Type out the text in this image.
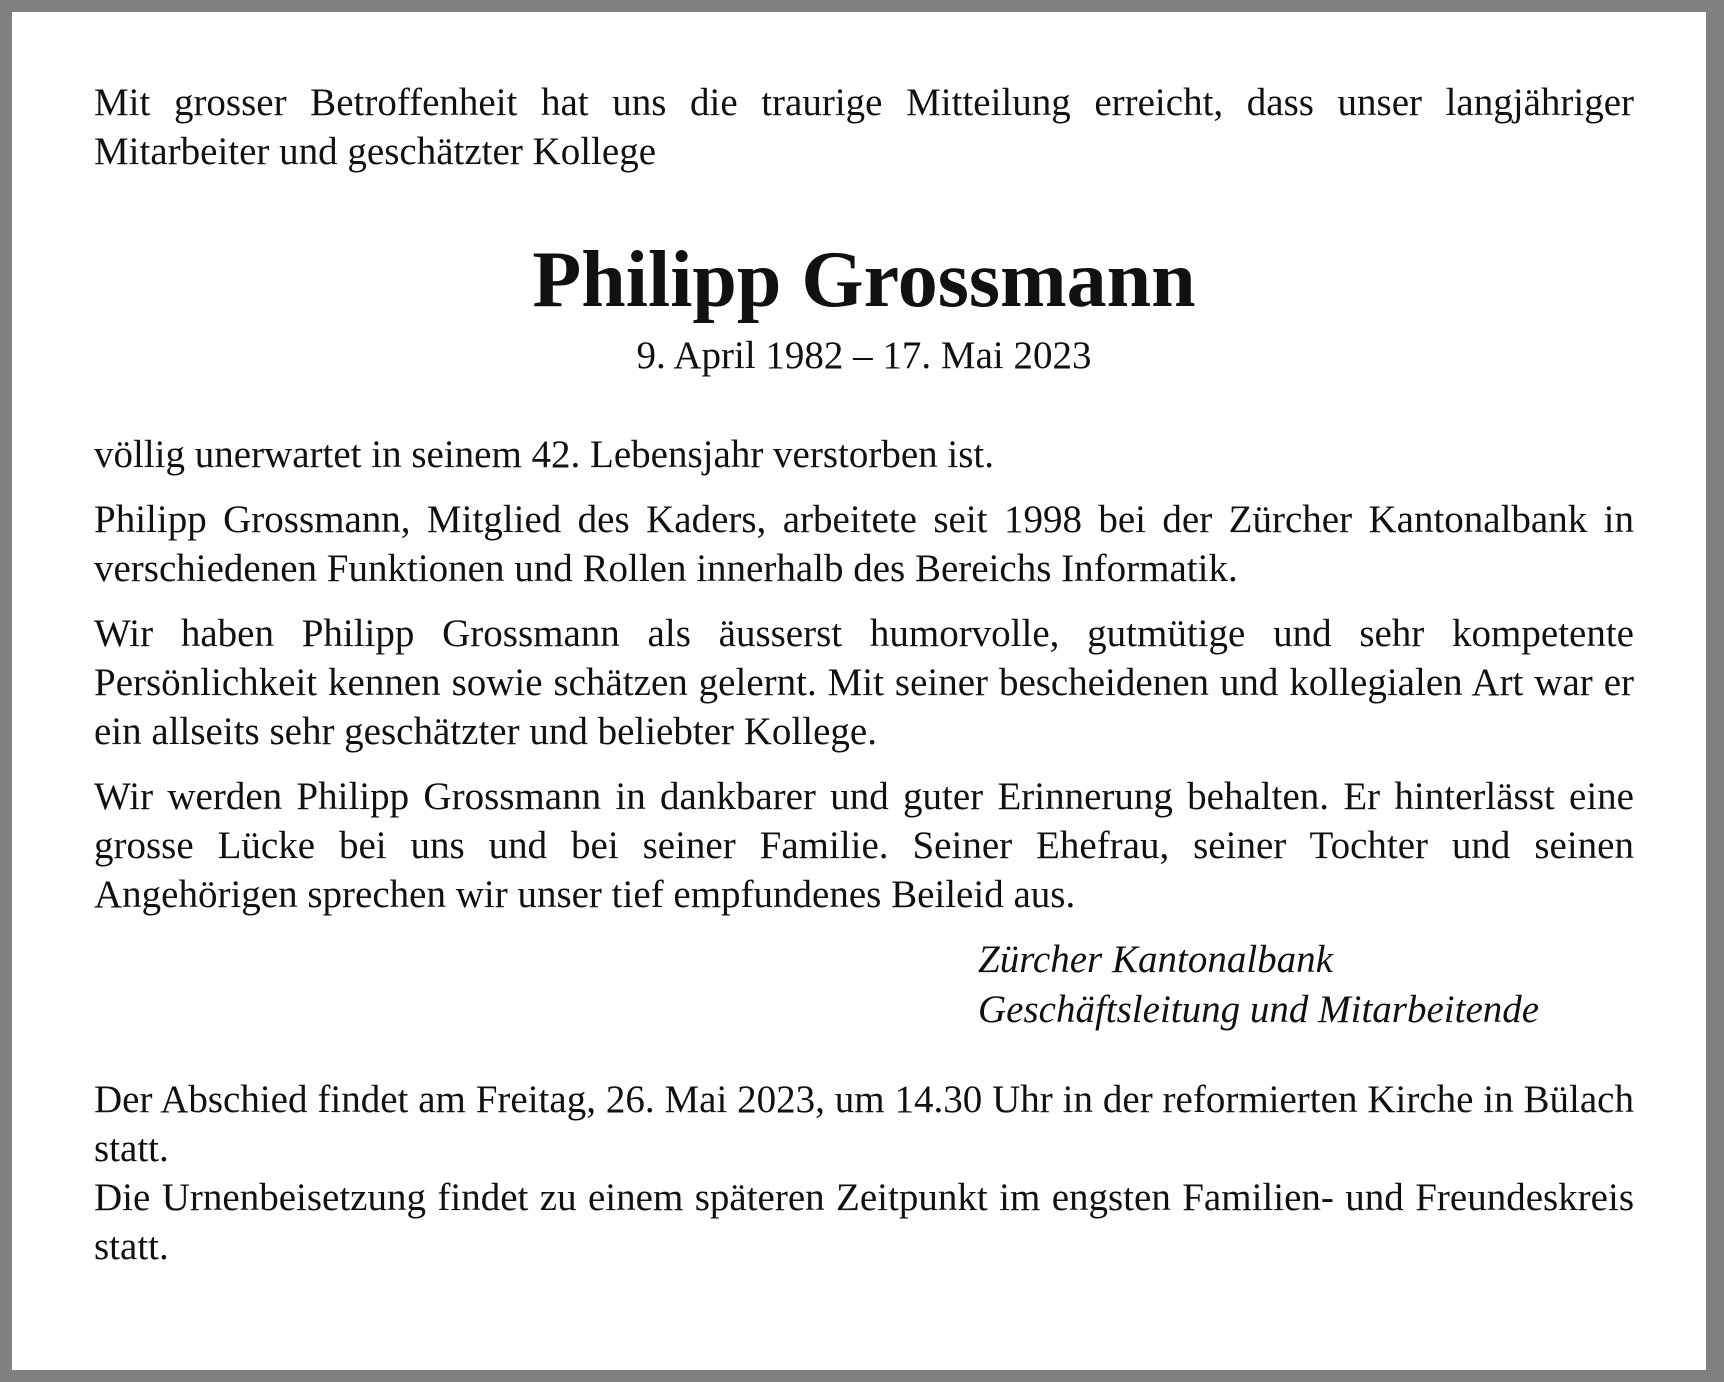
Mit grosser Betroffenheit hat uns die traurige Mitteilung erreicht, dass unser langjähriger Mitarbeiter und geschätzter Kollege

Philipp Grossmann
9. April 1982 – 17. Mai 2023

völlig unerwartet in seinem 42. Lebensjahr verstorben ist.

Philipp Grossmann, Mitglied des Kaders, arbeitete seit 1998 bei der Zürcher Kantonalbank in verschiedenen Funktionen und Rollen innerhalb des Bereichs Informatik.

Wir haben Philipp Grossmann als äusserst humorvolle, gutmütige und sehr kompetente Persönlichkeit kennen sowie schätzen gelernt. Mit seiner bescheidenen und kollegialen Art war er ein allseits sehr geschätzter und beliebter Kollege.

Wir werden Philipp Grossmann in dankbarer und guter Erinnerung behalten. Er hinterlässt eine grosse Lücke bei uns und bei seiner Familie. Seiner Ehefrau, seiner Tochter und seinen Angehörigen sprechen wir unser tief empfundenes Beileid aus.

Zürcher Kantonalbank
Geschäftsleitung und Mitarbeitende

Der Abschied findet am Freitag, 26. Mai 2023, um 14.30 Uhr in der reformierten Kirche in Bülach statt.

Die Urnenbeisetzung findet zu einem späteren Zeitpunkt im engsten Familien- und Freundeskreis statt.
